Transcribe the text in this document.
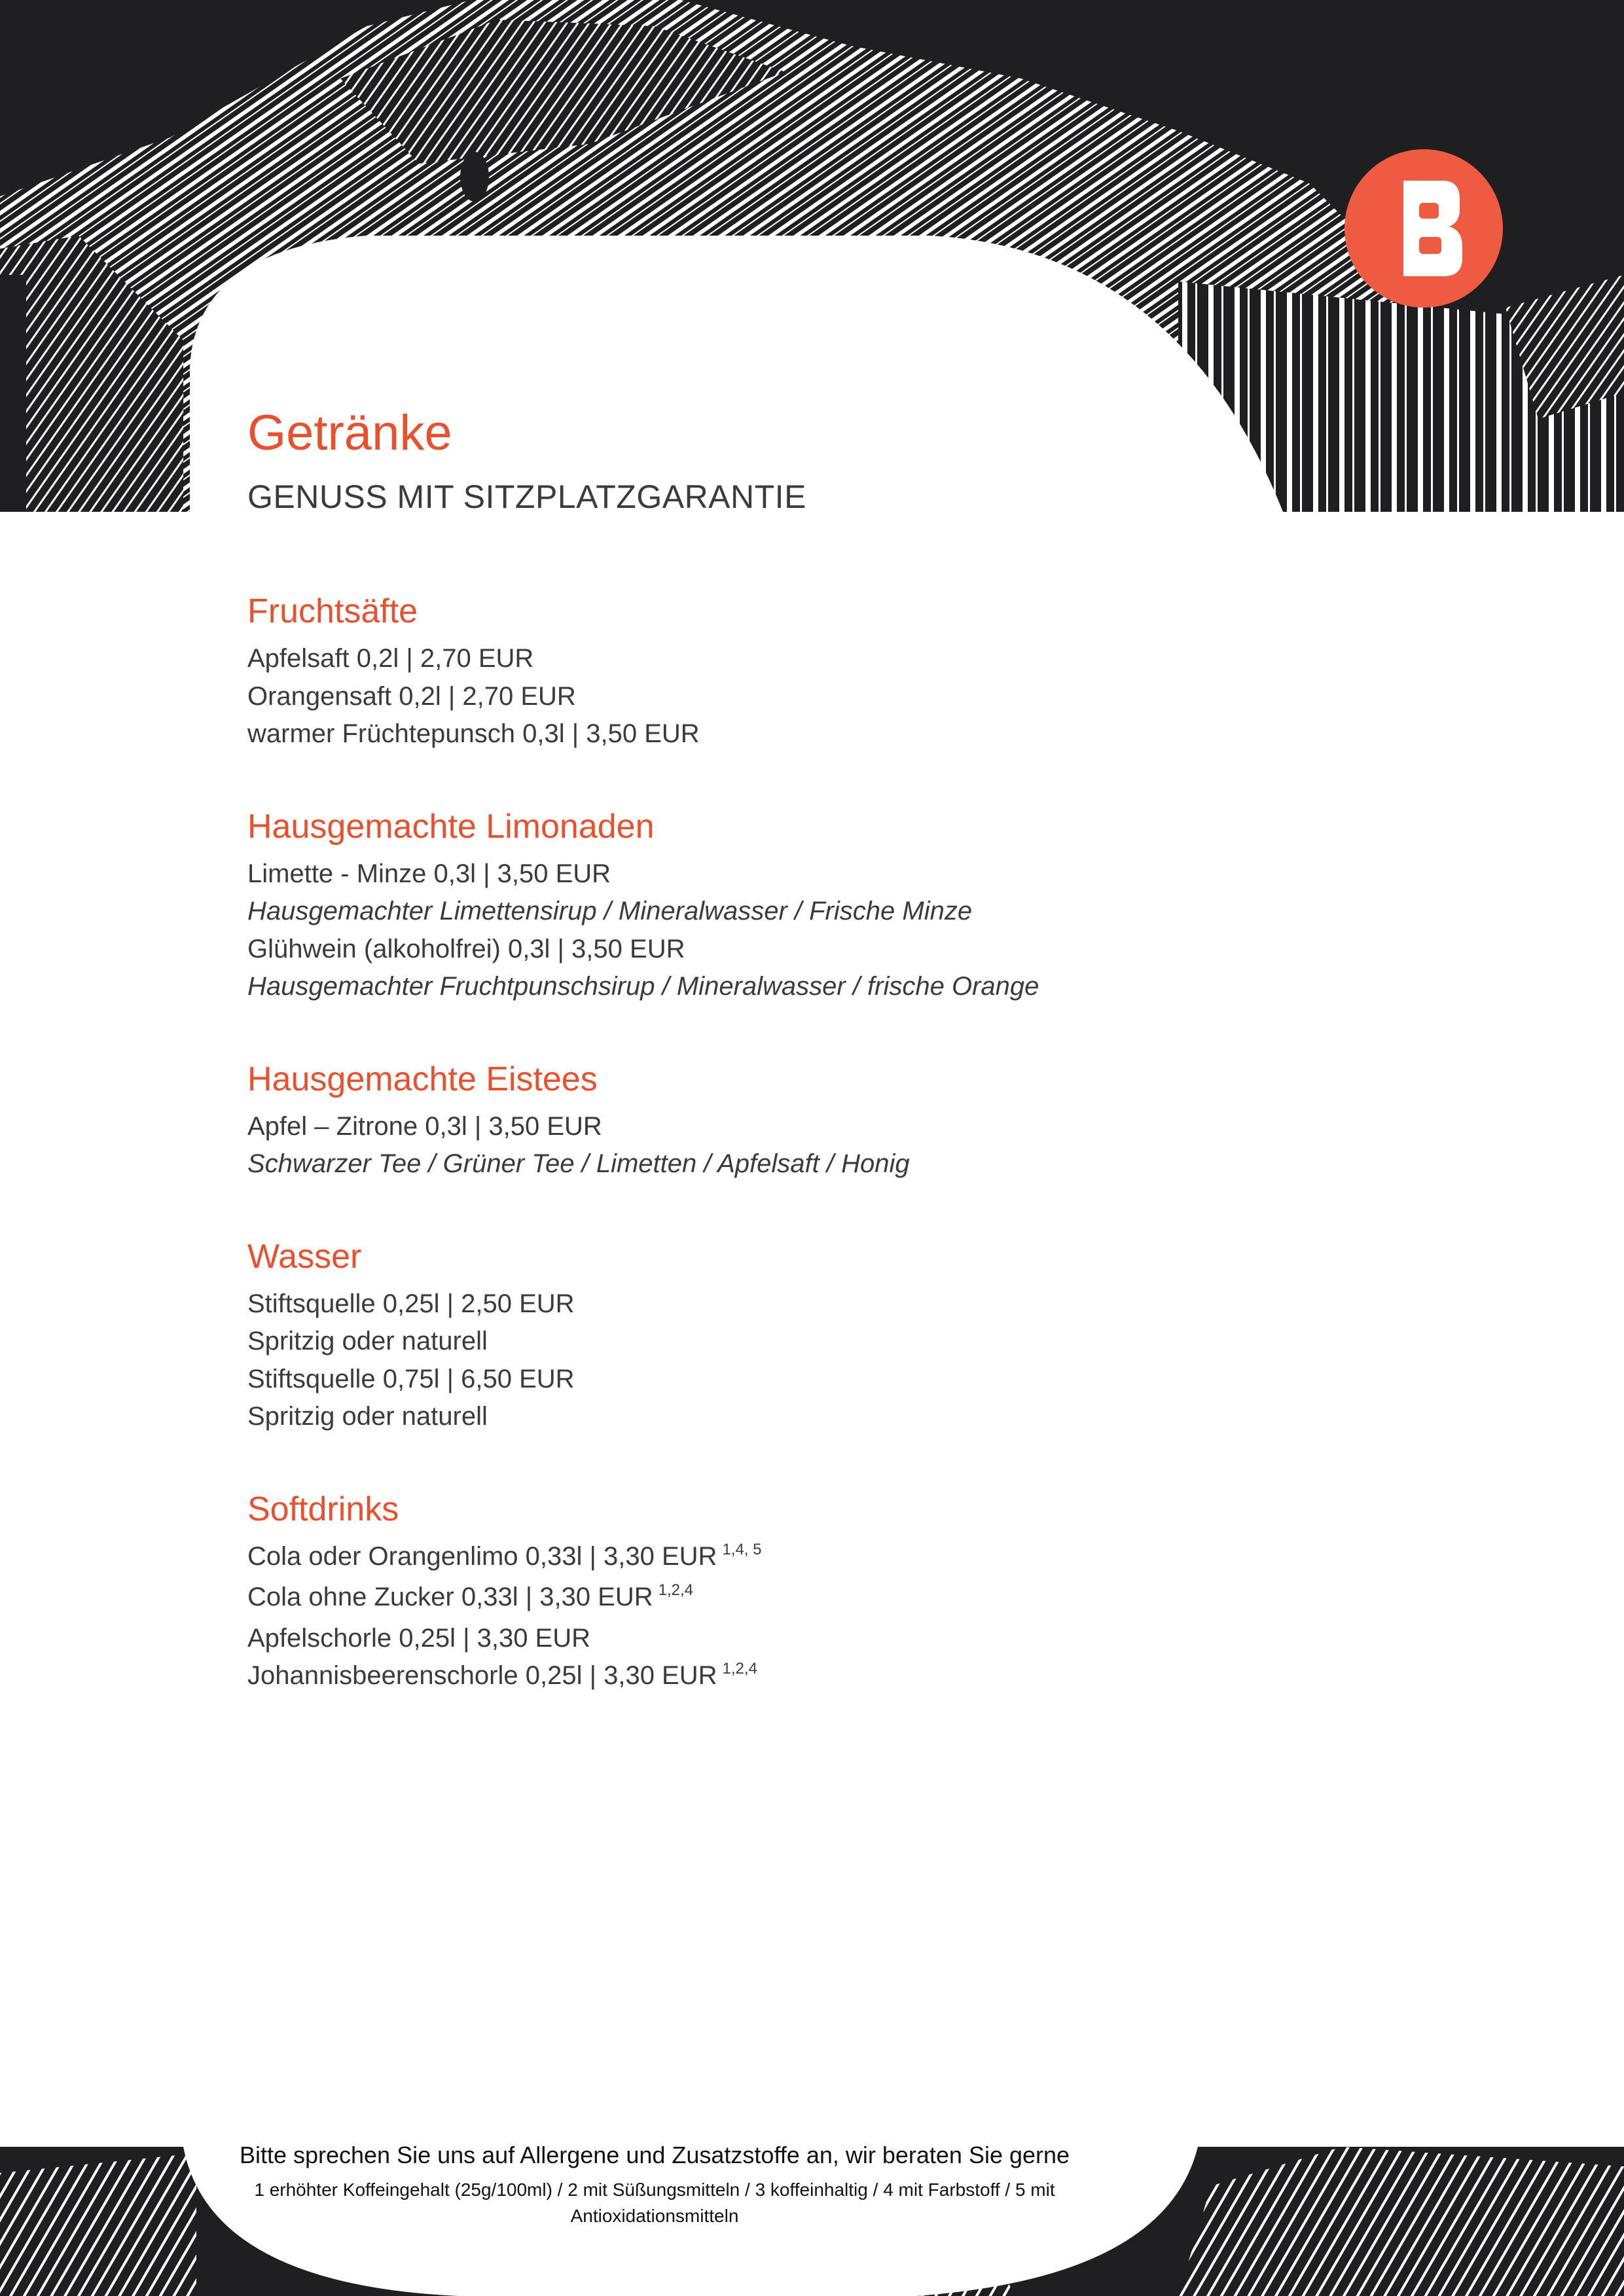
Getränke
GENUSS MIT SITZPLATZGARANTIE
Fruchtsäfte

Apfelsaft 0,2l | 2,70 EUR

Orangensaft 0,2l | 2,70 EUR

warmer Früchtepunsch 0,3l | 3,50 EUR

Hausgemachte Limonaden

Limette - Minze 0,3l | 3,50 EUR

Hausgemachter Limettensirup / Mineralwasser / Frische Minze

Glühwein (alkoholfrei) 0,3l | 3,50 EUR

Hausgemachter Fruchtpunschsirup / Mineralwasser / frische Orange

Hausgemachte Eistees

Apfel – Zitrone 0,3l | 3,50 EUR

Schwarzer Tee / Grüner Tee / Limetten / Apfelsaft / Honig

Wasser

Stiftsquelle 0,25l | 2,50 EUR

Spritzig oder naturell

Stiftsquelle 0,75l | 6,50 EUR

Spritzig oder naturell

Softdrinks

Cola oder Orangenlimo 0,33l | 3,30 EUR $^{1,4, 5}$

Cola ohne Zucker 0,33l | 3,30 EUR $^{1,2,4}$

Apfelschorle 0,25l | 3,30 EUR

Johannisbeerenschorle 0,25l | 3,30 EUR $^{1,2,4}$

Bitte sprechen Sie uns auf Allergene und Zusatzstoffe an, wir beraten Sie gerne

1 erhöhter Koffeingehalt (25g/100ml) / 2 mit Süßungsmitteln / 3 koffeinhaltig / 4 mit Farbstoff / 5 mit Antioxidationsmitteln
